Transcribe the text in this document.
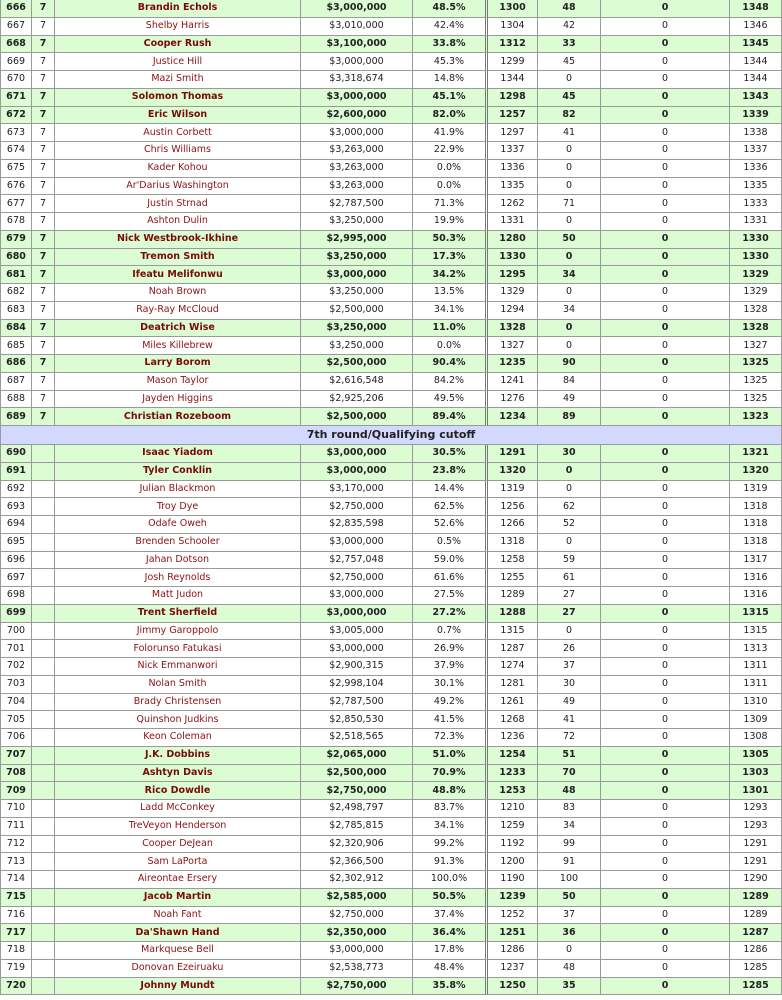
666	7	Brandin Echols	$3,000,000	48.5%	1300	48	0	1348
667	7	Shelby Harris	$3,010,000	42.4%	1304	42	0	1346
668	7	Cooper Rush	$3,100,000	33.8%	1312	33	0	1345
669	7	Justice Hill	$3,000,000	45.3%	1299	45	0	1344
670	7	Mazi Smith	$3,318,674	14.8%	1344	0	0	1344
671	7	Solomon Thomas	$3,000,000	45.1%	1298	45	0	1343
672	7	Eric Wilson	$2,600,000	82.0%	1257	82	0	1339
673	7	Austin Corbett	$3,000,000	41.9%	1297	41	0	1338
674	7	Chris Williams	$3,263,000	22.9%	1337	0	0	1337
675	7	Kader Kohou	$3,263,000	0.0%	1336	0	0	1336
676	7	Ar'Darius Washington	$3,263,000	0.0%	1335	0	0	1335
677	7	Justin Strnad	$2,787,500	71.3%	1262	71	0	1333
678	7	Ashton Dulin	$3,250,000	19.9%	1331	0	0	1331
679	7	Nick Westbrook-Ikhine	$2,995,000	50.3%	1280	50	0	1330
680	7	Tremon Smith	$3,250,000	17.3%	1330	0	0	1330
681	7	Ifeatu Melifonwu	$3,000,000	34.2%	1295	34	0	1329
682	7	Noah Brown	$3,250,000	13.5%	1329	0	0	1329
683	7	Ray-Ray McCloud	$2,500,000	34.1%	1294	34	0	1328
684	7	Deatrich Wise	$3,250,000	11.0%	1328	0	0	1328
685	7	Miles Killebrew	$3,250,000	0.0%	1327	0	0	1327
686	7	Larry Borom	$2,500,000	90.4%	1235	90	0	1325
687	7	Mason Taylor	$2,616,548	84.2%	1241	84	0	1325
688	7	Jayden Higgins	$2,925,206	49.5%	1276	49	0	1325
689	7	Christian Rozeboom	$2,500,000	89.4%	1234	89	0	1323
7th round/Qualifying cutoff								
690		Isaac Yiadom	$3,000,000	30.5%	1291	30	0	1321
691		Tyler Conklin	$3,000,000	23.8%	1320	0	0	1320
692		Julian Blackmon	$3,170,000	14.4%	1319	0	0	1319
693		Troy Dye	$2,750,000	62.5%	1256	62	0	1318
694		Odafe Oweh	$2,835,598	52.6%	1266	52	0	1318
695		Brenden Schooler	$3,000,000	0.5%	1318	0	0	1318
696		Jahan Dotson	$2,757,048	59.0%	1258	59	0	1317
697		Josh Reynolds	$2,750,000	61.6%	1255	61	0	1316
698		Matt Judon	$3,000,000	27.5%	1289	27	0	1316
699		Trent Sherfield	$3,000,000	27.2%	1288	27	0	1315
700		Jimmy Garoppolo	$3,005,000	0.7%	1315	0	0	1315
701		Folorunso Fatukasi	$3,000,000	26.9%	1287	26	0	1313
702		Nick Emmanwori	$2,900,315	37.9%	1274	37	0	1311
703		Nolan Smith	$2,998,104	30.1%	1281	30	0	1311
704		Brady Christensen	$2,787,500	49.2%	1261	49	0	1310
705		Quinshon Judkins	$2,850,530	41.5%	1268	41	0	1309
706		Keon Coleman	$2,518,565	72.3%	1236	72	0	1308
707		J.K. Dobbins	$2,065,000	51.0%	1254	51	0	1305
708		Ashtyn Davis	$2,500,000	70.9%	1233	70	0	1303
709		Rico Dowdle	$2,750,000	48.8%	1253	48	0	1301
710		Ladd McConkey	$2,498,797	83.7%	1210	83	0	1293
711		TreVeyon Henderson	$2,785,815	34.1%	1259	34	0	1293
712		Cooper DeJean	$2,320,906	99.2%	1192	99	0	1291
713		Sam LaPorta	$2,366,500	91.3%	1200	91	0	1291
714		Aireontae Ersery	$2,302,912	100.0%	1190	100	0	1290
715		Jacob Martin	$2,585,000	50.5%	1239	50	0	1289
716		Noah Fant	$2,750,000	37.4%	1252	37	0	1289
717		Da'Shawn Hand	$2,350,000	36.4%	1251	36	0	1287
718		Markquese Bell	$3,000,000	17.8%	1286	0	0	1286
719		Donovan Ezeiruaku	$2,538,773	48.4%	1237	48	0	1285
720		Johnny Mundt	$2,750,000	35.8%	1250	35	0	1285
